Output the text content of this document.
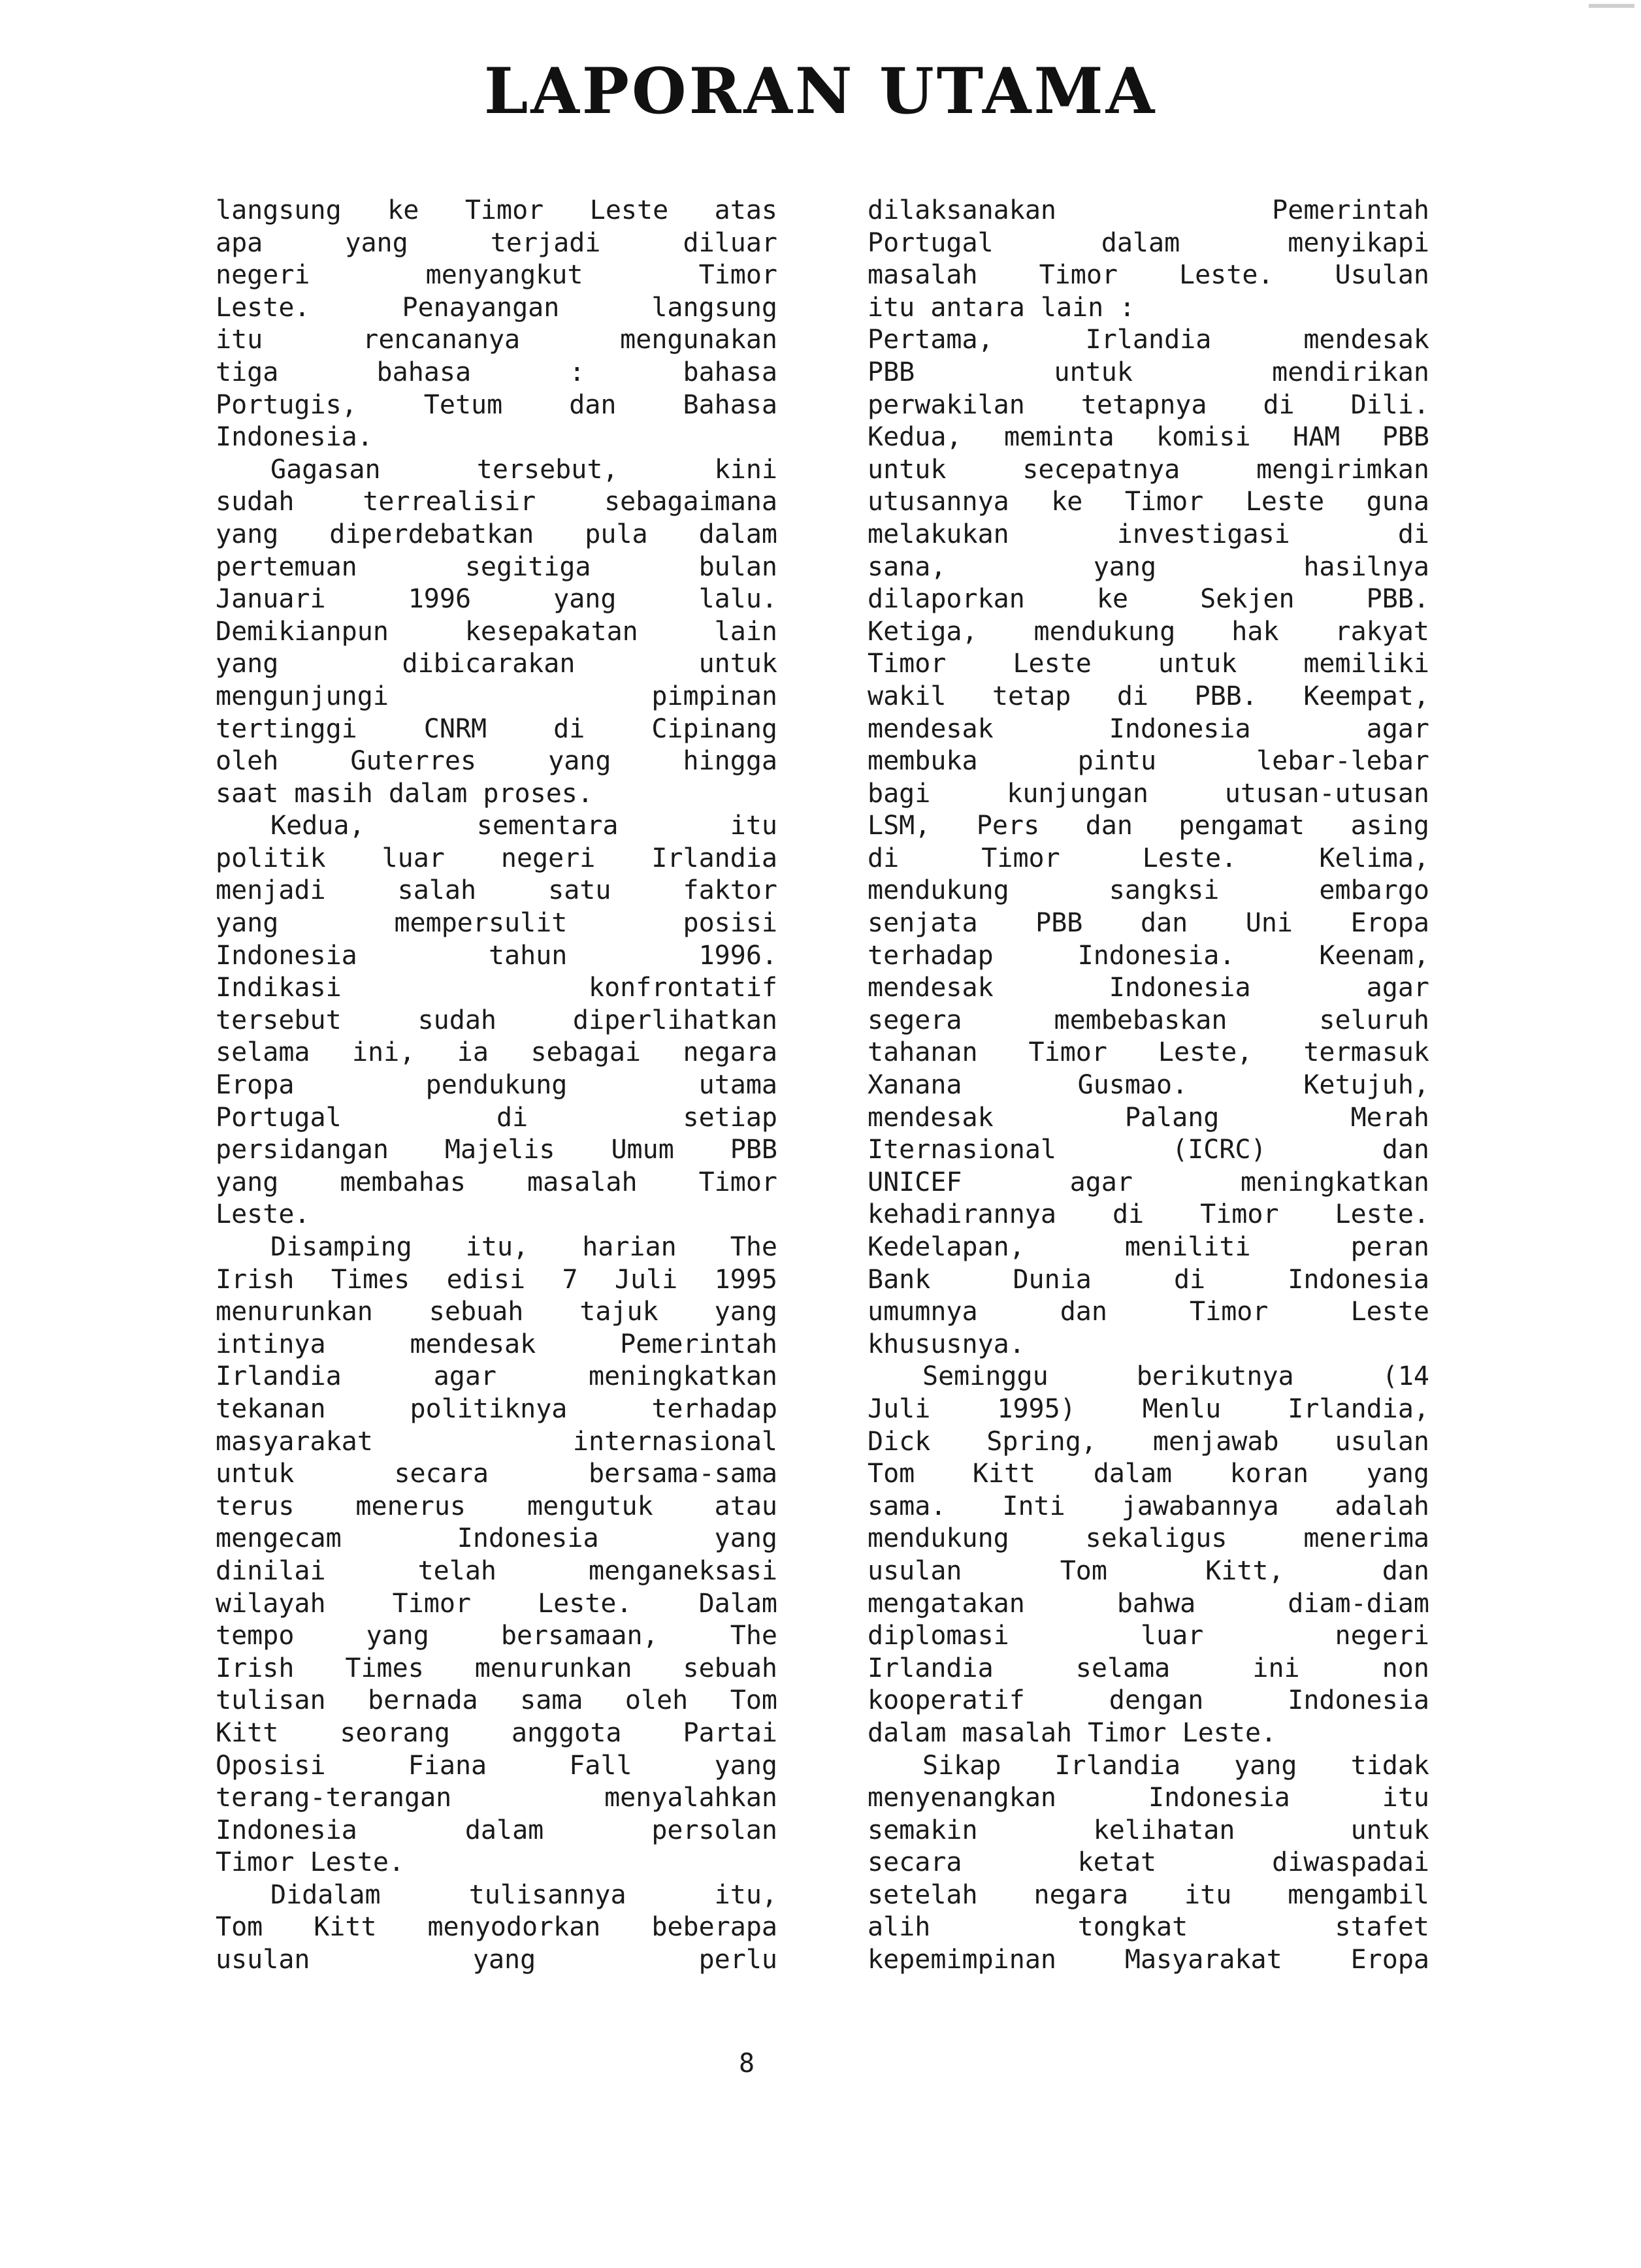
LAPORAN UTAMA
langsung ke Timor Leste atas
apa yang terjadi diluar
negeri menyangkut Timor
Leste. Penayangan langsung
itu rencananya mengunakan
tiga bahasa : bahasa
Portugis, Tetum dan Bahasa
Indonesia.
Gagasan tersebut, kini
sudah terrealisir sebagaimana
yang diperdebatkan pula dalam
pertemuan segitiga bulan
Januari 1996 yang lalu.
Demikianpun kesepakatan lain
yang dibicarakan untuk
mengunjungi pimpinan
tertinggi CNRM di Cipinang
oleh Guterres yang hingga
saat masih dalam proses.
Kedua, sementara itu
politik luar negeri Irlandia
menjadi salah satu faktor
yang mempersulit posisi
Indonesia tahun 1996.
Indikasi konfrontatif
tersebut sudah diperlihatkan
selama ini, ia sebagai negara
Eropa pendukung utama
Portugal di setiap
persidangan Majelis Umum PBB
yang membahas masalah Timor
Leste.
Disamping itu, harian The
Irish Times edisi 7 Juli 1995
menurunkan sebuah tajuk yang
intinya mendesak Pemerintah
Irlandia agar meningkatkan
tekanan politiknya terhadap
masyarakat internasional
untuk secara bersama-sama
terus menerus mengutuk atau
mengecam Indonesia yang
dinilai telah menganeksasi
wilayah Timor Leste. Dalam
tempo yang bersamaan, The
Irish Times menurunkan sebuah
tulisan bernada sama oleh Tom
Kitt seorang anggota Partai
Oposisi Fiana Fall yang
terang-terangan menyalahkan
Indonesia dalam persolan
Timor Leste.
Didalam tulisannya itu,
Tom Kitt menyodorkan beberapa
usulan yang perlu
dilaksanakan Pemerintah
Portugal dalam menyikapi
masalah Timor Leste. Usulan
itu antara lain :
Pertama, Irlandia mendesak
PBB untuk mendirikan
perwakilan tetapnya di Dili.
Kedua, meminta komisi HAM PBB
untuk secepatnya mengirimkan
utusannya ke Timor Leste guna
melakukan investigasi di
sana, yang hasilnya
dilaporkan ke Sekjen PBB.
Ketiga, mendukung hak rakyat
Timor Leste untuk memiliki
wakil tetap di PBB. Keempat,
mendesak Indonesia agar
membuka pintu lebar-lebar
bagi kunjungan utusan-utusan
LSM, Pers dan pengamat asing
di Timor Leste. Kelima,
mendukung sangksi embargo
senjata PBB dan Uni Eropa
terhadap Indonesia. Keenam,
mendesak Indonesia agar
segera membebaskan seluruh
tahanan Timor Leste, termasuk
Xanana Gusmao. Ketujuh,
mendesak Palang Merah
Iternasional (ICRC) dan
UNICEF agar meningkatkan
kehadirannya di Timor Leste.
Kedelapan, meniliti peran
Bank Dunia di Indonesia
umumnya dan Timor Leste
khususnya.
Seminggu berikutnya (14
Juli 1995) Menlu Irlandia,
Dick Spring, menjawab usulan
Tom Kitt dalam koran yang
sama. Inti jawabannya adalah
mendukung sekaligus menerima
usulan Tom Kitt, dan
mengatakan bahwa diam-diam
diplomasi luar negeri
Irlandia selama ini non
kooperatif dengan Indonesia
dalam masalah Timor Leste.
Sikap Irlandia yang tidak
menyenangkan Indonesia itu
semakin kelihatan untuk
secara ketat diwaspadai
setelah negara itu mengambil
alih tongkat stafet
kepemimpinan Masyarakat Eropa
8
